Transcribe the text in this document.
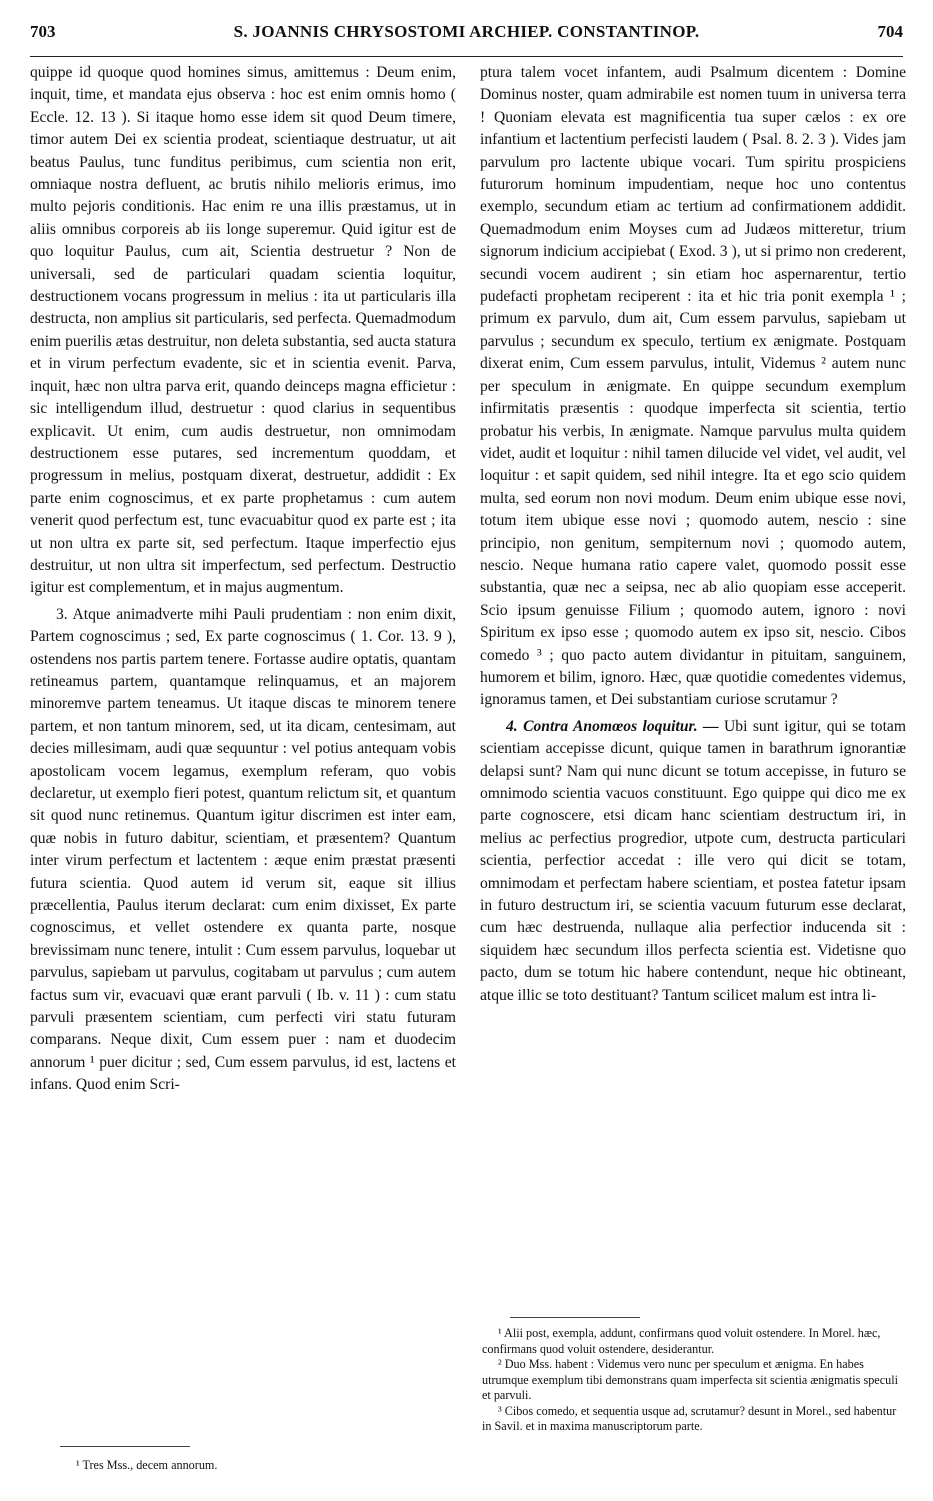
703	S. JOANNIS CHRYSOSTOMI ARCHIEP. CONSTANTINOP.	704

quippe id quoque quod homines simus, amittemus : Deum enim, inquit, time, et mandata ejus observa : hoc est enim omnis homo ( Eccle. 12. 13 ). Si itaque homo esse idem sit quod Deum timere, timor autem Dei ex scientia prodeat, scientiaque destruatur, ut ait beatus Paulus, tunc funditus peribimus, cum scientia non erit, omniaque nostra defluent, ac brutis nihilo melioris erimus, imo multo pejoris conditionis. Hac enim re una illis præstamus, ut in aliis omnibus corporeis ab iis longe superemur. Quid igitur est de quo loquitur Paulus, cum ait, Scientia destruetur ? Non de universali, sed de particulari quadam scientia loquitur, destructionem vocans progressum in melius : ita ut particularis illa destructa, non amplius sit particularis, sed perfecta. Quemadmodum enim puerilis ætas destruitur, non deleta substantia, sed aucta statura et in virum perfectum evadente, sic et in scientia evenit. Parva, inquit, hæc non ultra parva erit, quando deinceps magna efficietur : sic intelligendum illud, destruetur : quod clarius in sequentibus explicavit. Ut enim, cum audis destruetur, non omnimodam destructionem esse putares, sed incrementum quoddam, et progressum in melius, postquam dixerat, destruetur, addidit : Ex parte enim cognoscimus, et ex parte prophetamus : cum autem venerit quod perfectum est, tunc evacuabitur quod ex parte est ; ita ut non ultra ex parte sit, sed perfectum. Itaque imperfectio ejus destruitur, ut non ultra sit imperfectum, sed perfectum. Destructio igitur est complementum, et in majus augmentum.

3. Atque animadverte mihi Pauli prudentiam : non enim dixit, Partem cognoscimus ; sed, Ex parte cognoscimus ( 1. Cor. 13. 9 ), ostendens nos partis partem tenere. Fortasse audire optatis, quantam retineamus partem, quantamque relinquamus, et an majorem minoremve partem teneamus. Ut itaque discas te minorem tenere partem, et non tantum minorem, sed, ut ita dicam, centesimam, aut decies millesimam, audi quæ sequuntur : vel potius antequam vobis apostolicam vocem legamus, exemplum referam, quo vobis declaretur, ut exemplo fieri potest, quantum relictum sit, et quantum sit quod nunc retinemus. Quantum igitur discrimen est inter eam, quæ nobis in futuro dabitur, scientiam, et præsentem? Quantum inter virum perfectum et lactentem : æque enim præstat præsenti futura scientia. Quod autem id verum sit, eaque sit illius præcellentia, Paulus iterum declarat: cum enim dixisset, Ex parte cognoscimus, et vellet ostendere ex quanta parte, nosque brevissimam nunc tenere, intulit : Cum essem parvulus, loquebar ut parvulus, sapiebam ut parvulus, cogitabam ut parvulus ; cum autem factus sum vir, evacuavi quæ erant parvuli ( Ib. v. 11 ) : cum statu parvuli præsentem scientiam, cum perfecti viri statu futuram comparans. Neque dixit, Cum essem puer : nam et duodecim annorum ¹ puer dicitur ; sed, Cum essem parvulus, id est, lactens et infans. Quod enim Scri-

ptura talem vocet infantem, audi Psalmum dicentem : Domine Dominus noster, quam admirabile est nomen tuum in universa terra ! Quoniam elevata est magnificentia tua super cælos : ex ore infantium et lactentium perfecisti laudem ( Psal. 8. 2. 3 ). Vides jam parvulum pro lactente ubique vocari. Tum spiritu prospiciens futurorum hominum impudentiam, neque hoc uno contentus exemplo, secundum etiam ac tertium ad confirmationem addidit. Quemadmodum enim Moyses cum ad Judæos mitteretur, trium signorum indicium accipiebat ( Exod. 3 ), ut si primo non crederent, secundi vocem audirent ; sin etiam hoc aspernarentur, tertio pudefacti prophetam reciperent : ita et hic tria ponit exempla ¹ ; primum ex parvulo, dum ait, Cum essem parvulus, sapiebam ut parvulus ; secundum ex speculo, tertium ex ænigmate. Postquam dixerat enim, Cum essem parvulus, intulit, Videmus ² autem nunc per speculum in ænigmate. En quippe secundum exemplum infirmitatis præsentis : quodque imperfecta sit scientia, tertio probatur his verbis, In ænigmate. Namque parvulus multa quidem videt, audit et loquitur : nihil tamen dilucide vel videt, vel audit, vel loquitur : et sapit quidem, sed nihil integre. Ita et ego scio quidem multa, sed eorum non novi modum. Deum enim ubique esse novi, totum item ubique esse novi ; quomodo autem, nescio : sine principio, non genitum, sempiternum novi ; quomodo autem, nescio. Neque humana ratio capere valet, quomodo possit esse substantia, quæ nec a seipsa, nec ab alio quopiam esse acceperit. Scio ipsum genuisse Filium ; quomodo autem, ignoro : novi Spiritum ex ipso esse ; quomodo autem ex ipso sit, nescio. Cibos comedo ³ ; quo pacto autem dividantur in pituitam, sanguinem, humorem et bilim, ignoro. Hæc, quæ quotidie comedentes videmus, ignoramus tamen, et Dei substantiam curiose scrutamur ?

4. Contra Anomœos loquitur. — Ubi sunt igitur, qui se totam scientiam accepisse dicunt, quique tamen in barathrum ignorantiæ delapsi sunt? Nam qui nunc dicunt se totum accepisse, in futuro se omnimodo scientia vacuos constituunt. Ego quippe qui dico me ex parte cognoscere, etsi dicam hanc scientiam destructum iri, in melius ac perfectius progredior, utpote cum, destructa particulari scientia, perfectior accedat : ille vero qui dicit se totam, omnimodam et perfectam habere scientiam, et postea fatetur ipsam in futuro destructum iri, se scientia vacuum futurum esse declarat, cum hæc destruenda, nullaque alia perfectior inducenda sit : siquidem hæc secundum illos perfecta scientia est. Videtisne quo pacto, dum se totum hic habere contendunt, neque hic obtineant, atque illic se toto destituant? Tantum scilicet malum est intra li-

¹ Tres Mss., decem annorum.

¹ Alii post, exempla, addunt, confirmans quod voluit ostendere. In Morel. hæc, confirmans quod voluit ostendere, desiderantur.

² Duo Mss. habent : Videmus vero nunc per speculum et ænigma. En habes utrumque exemplum tibi demonstrans quam imperfecta sit scientia ænigmatis speculi et parvuli.

³ Cibos comedo, et sequentia usque ad, scrutamur? desunt in Morel., sed habentur in Savil. et in maxima manuscriptorum parte.
